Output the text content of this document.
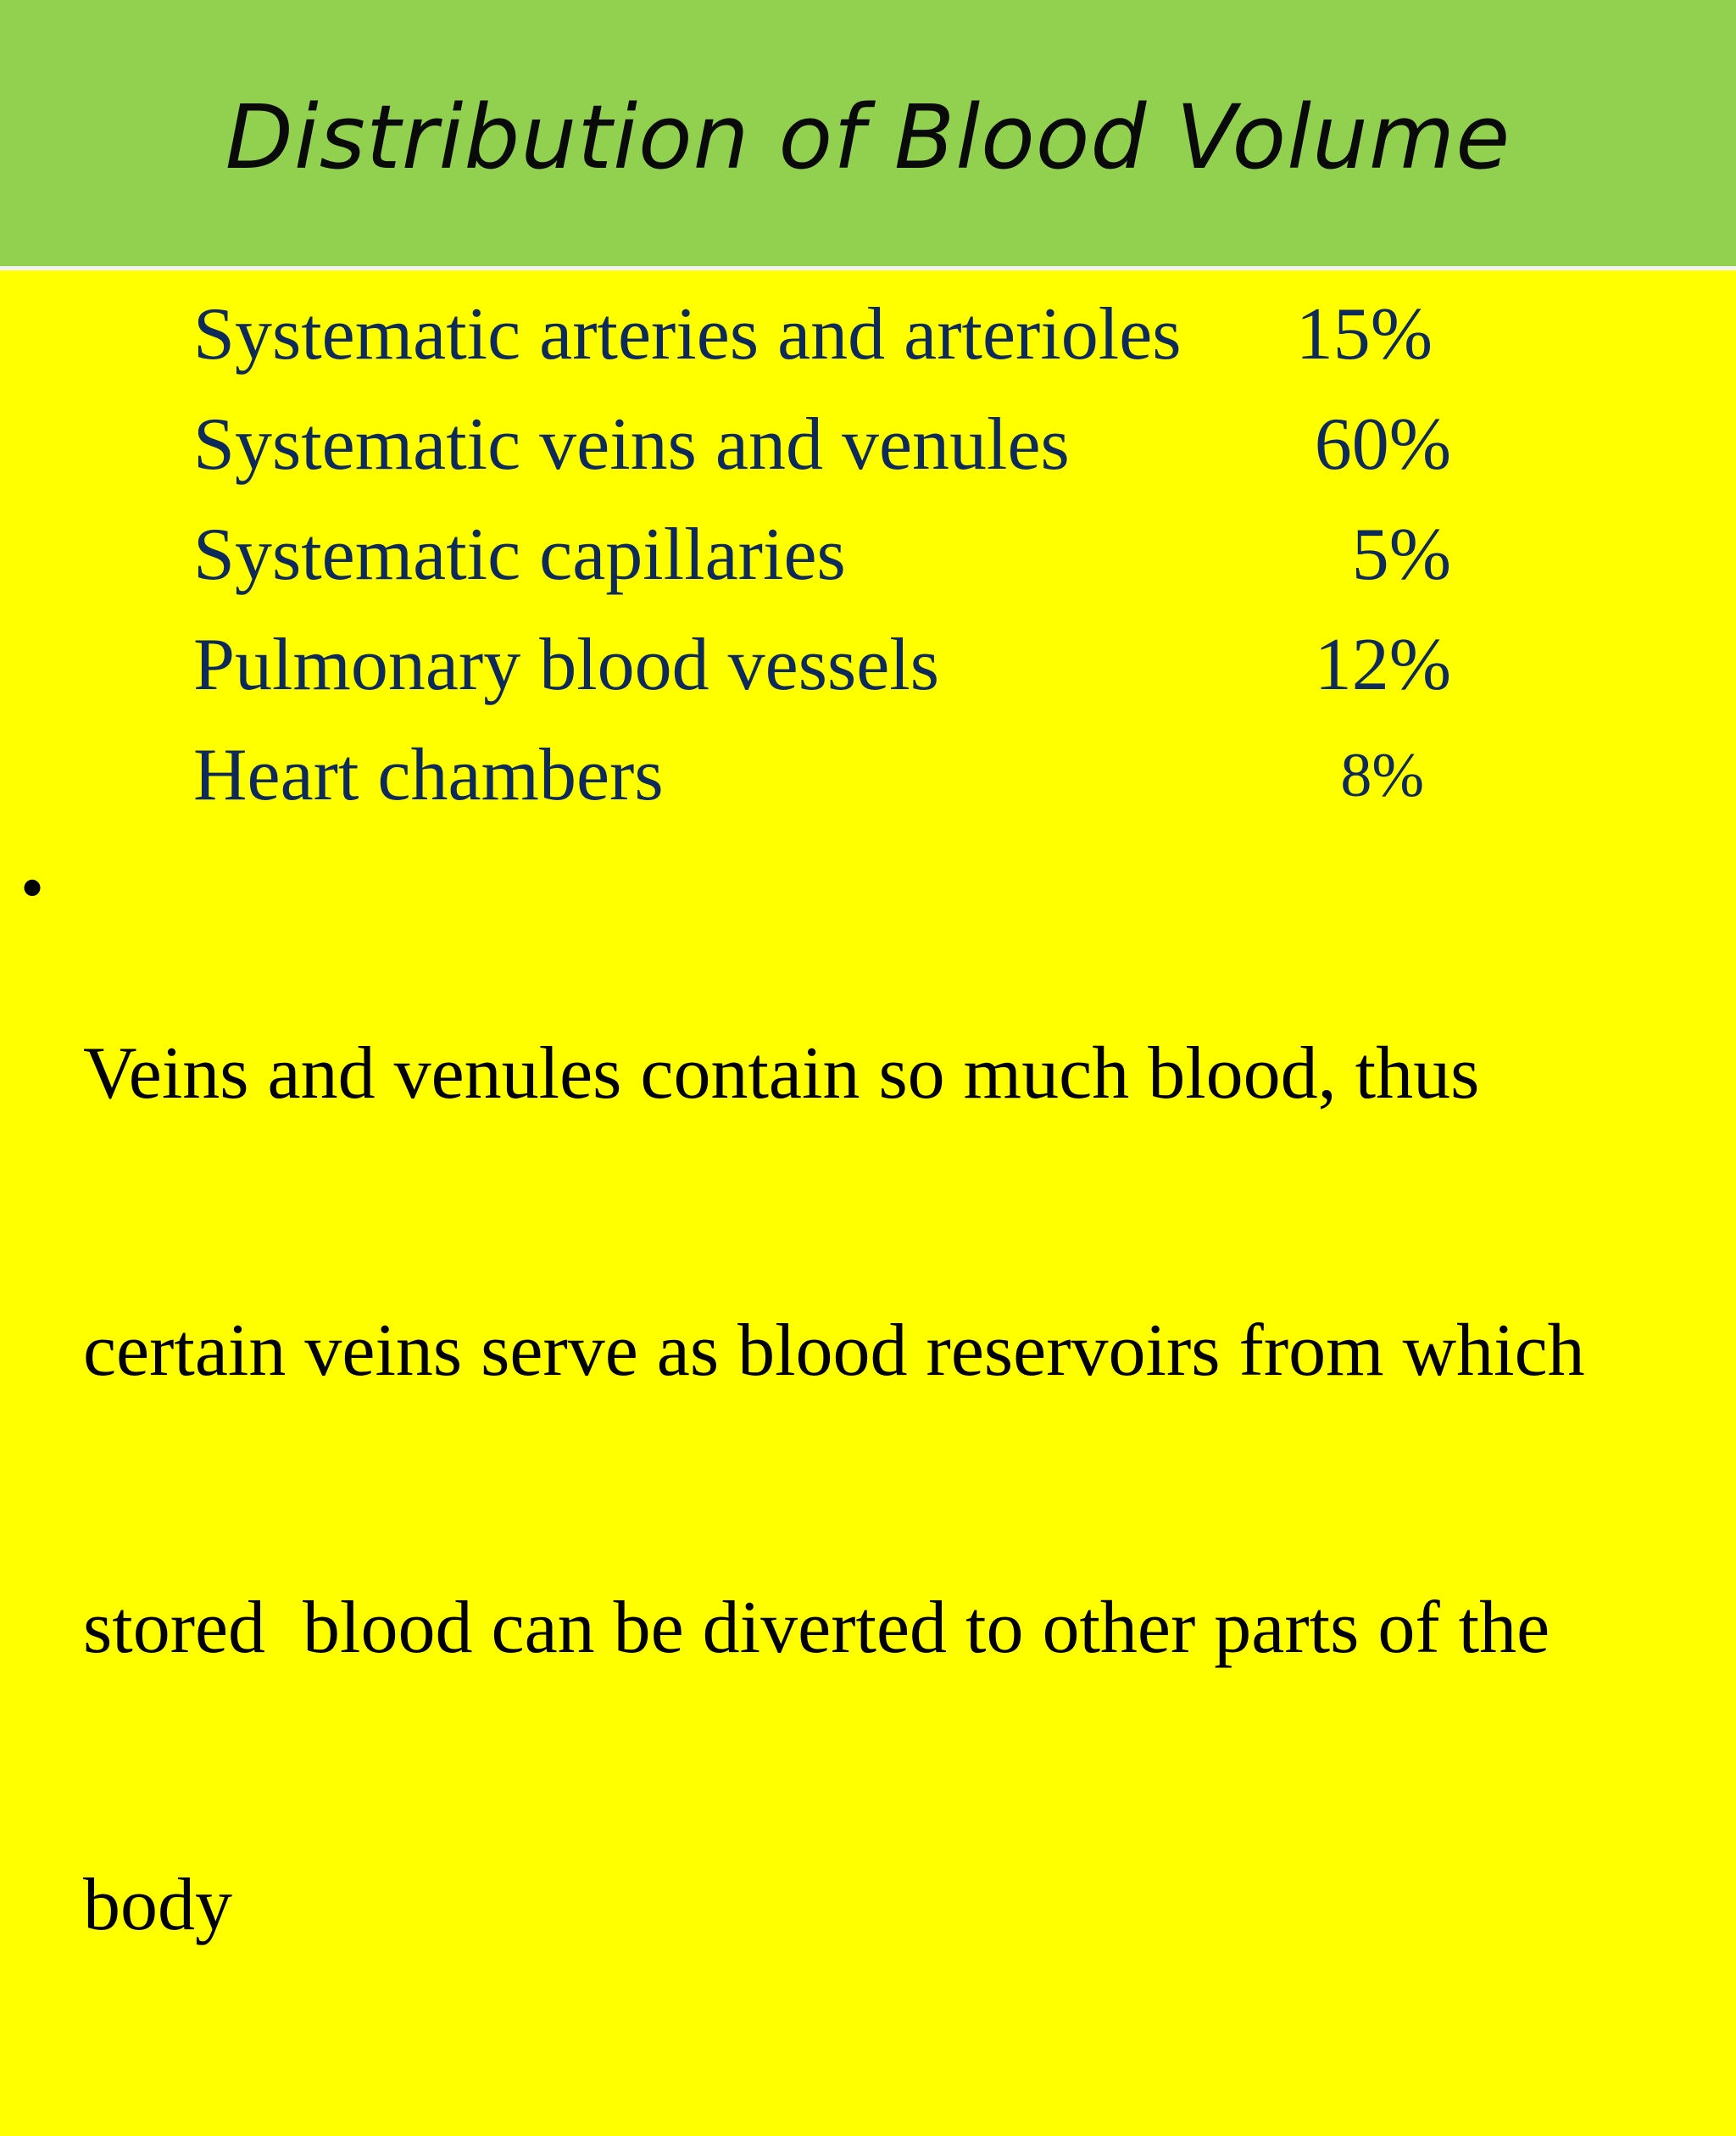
Distribution of Blood Volume
Systematic arteries and arterioles 15%
Systematic veins and venules	60%
Systematic capillaries	5%
Pulmonary blood vessels	12%
Heart chambers	8%
•

Veins and venules contain so much blood, thus

certain veins serve as blood reservoirs from which

stored  blood can be diverted to other parts of the

body
